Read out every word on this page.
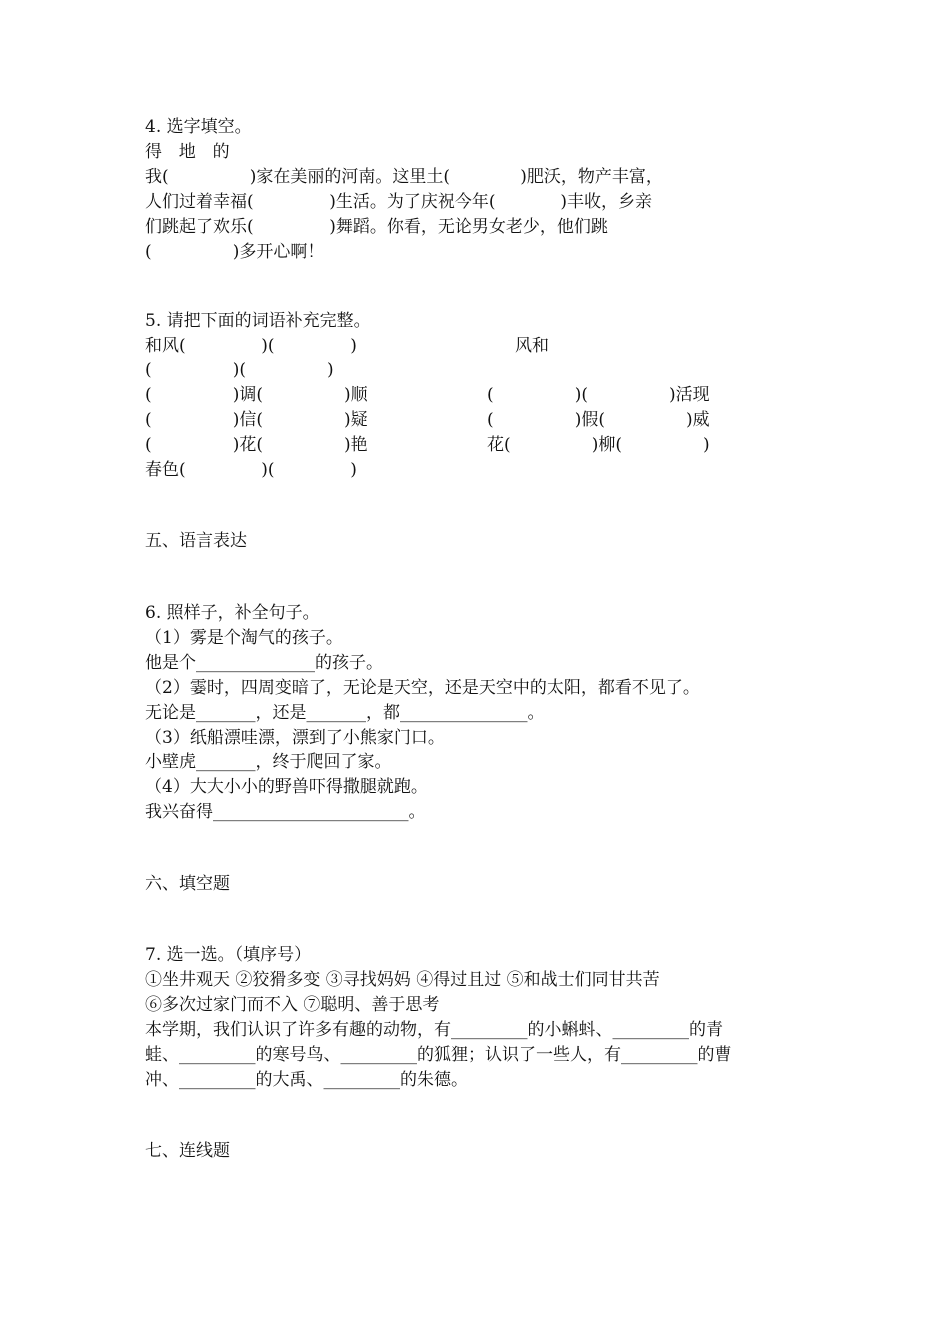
4. 选字填空。
得  地  的
我(               )家在美丽的河南。这里土(             )肥沃，物产丰富，
人们过着幸福(              )生活。为了庆祝今年(            )丰收，乡亲
们跳起了欢乐(              )舞蹈。你看，无论男女老少，他们跳
(               )多开心啊！
5. 请把下面的词语补充完整。
和风(              )(              )	风和
(               )(               )
(               )调(               )顺	(               )(               )活现
(               )信(               )疑	(               )假(               )威
(               )花(               )艳	花(               )柳(               )
春色(              )(              )
五、语言表达
6. 照样子，补全句子。
（1）雾是个淘气的孩子。
他是个______________的孩子。
（2）霎时，四周变暗了，无论是天空，还是天空中的太阳，都看不见了。
无论是_______，还是_______，都_______________。
（3）纸船漂哇漂，漂到了小熊家门口。
小壁虎_______，终于爬回了家。
（4）大大小小的野兽吓得撒腿就跑。
我兴奋得_______________________。
六、填空题
7. 选一选。（填序号）
①坐井观天 ②狡猾多变 ③寻找妈妈 ④得过且过 ⑤和战士们同甘共苦
⑥多次过家门而不入 ⑦聪明、善于思考
本学期，我们认识了许多有趣的动物，有_________的小蝌蚪、_________的青
蛙、_________的寒号鸟、_________的狐狸；认识了一些人，有_________的曹
冲、_________的大禹、_________的朱德。
七、连线题
